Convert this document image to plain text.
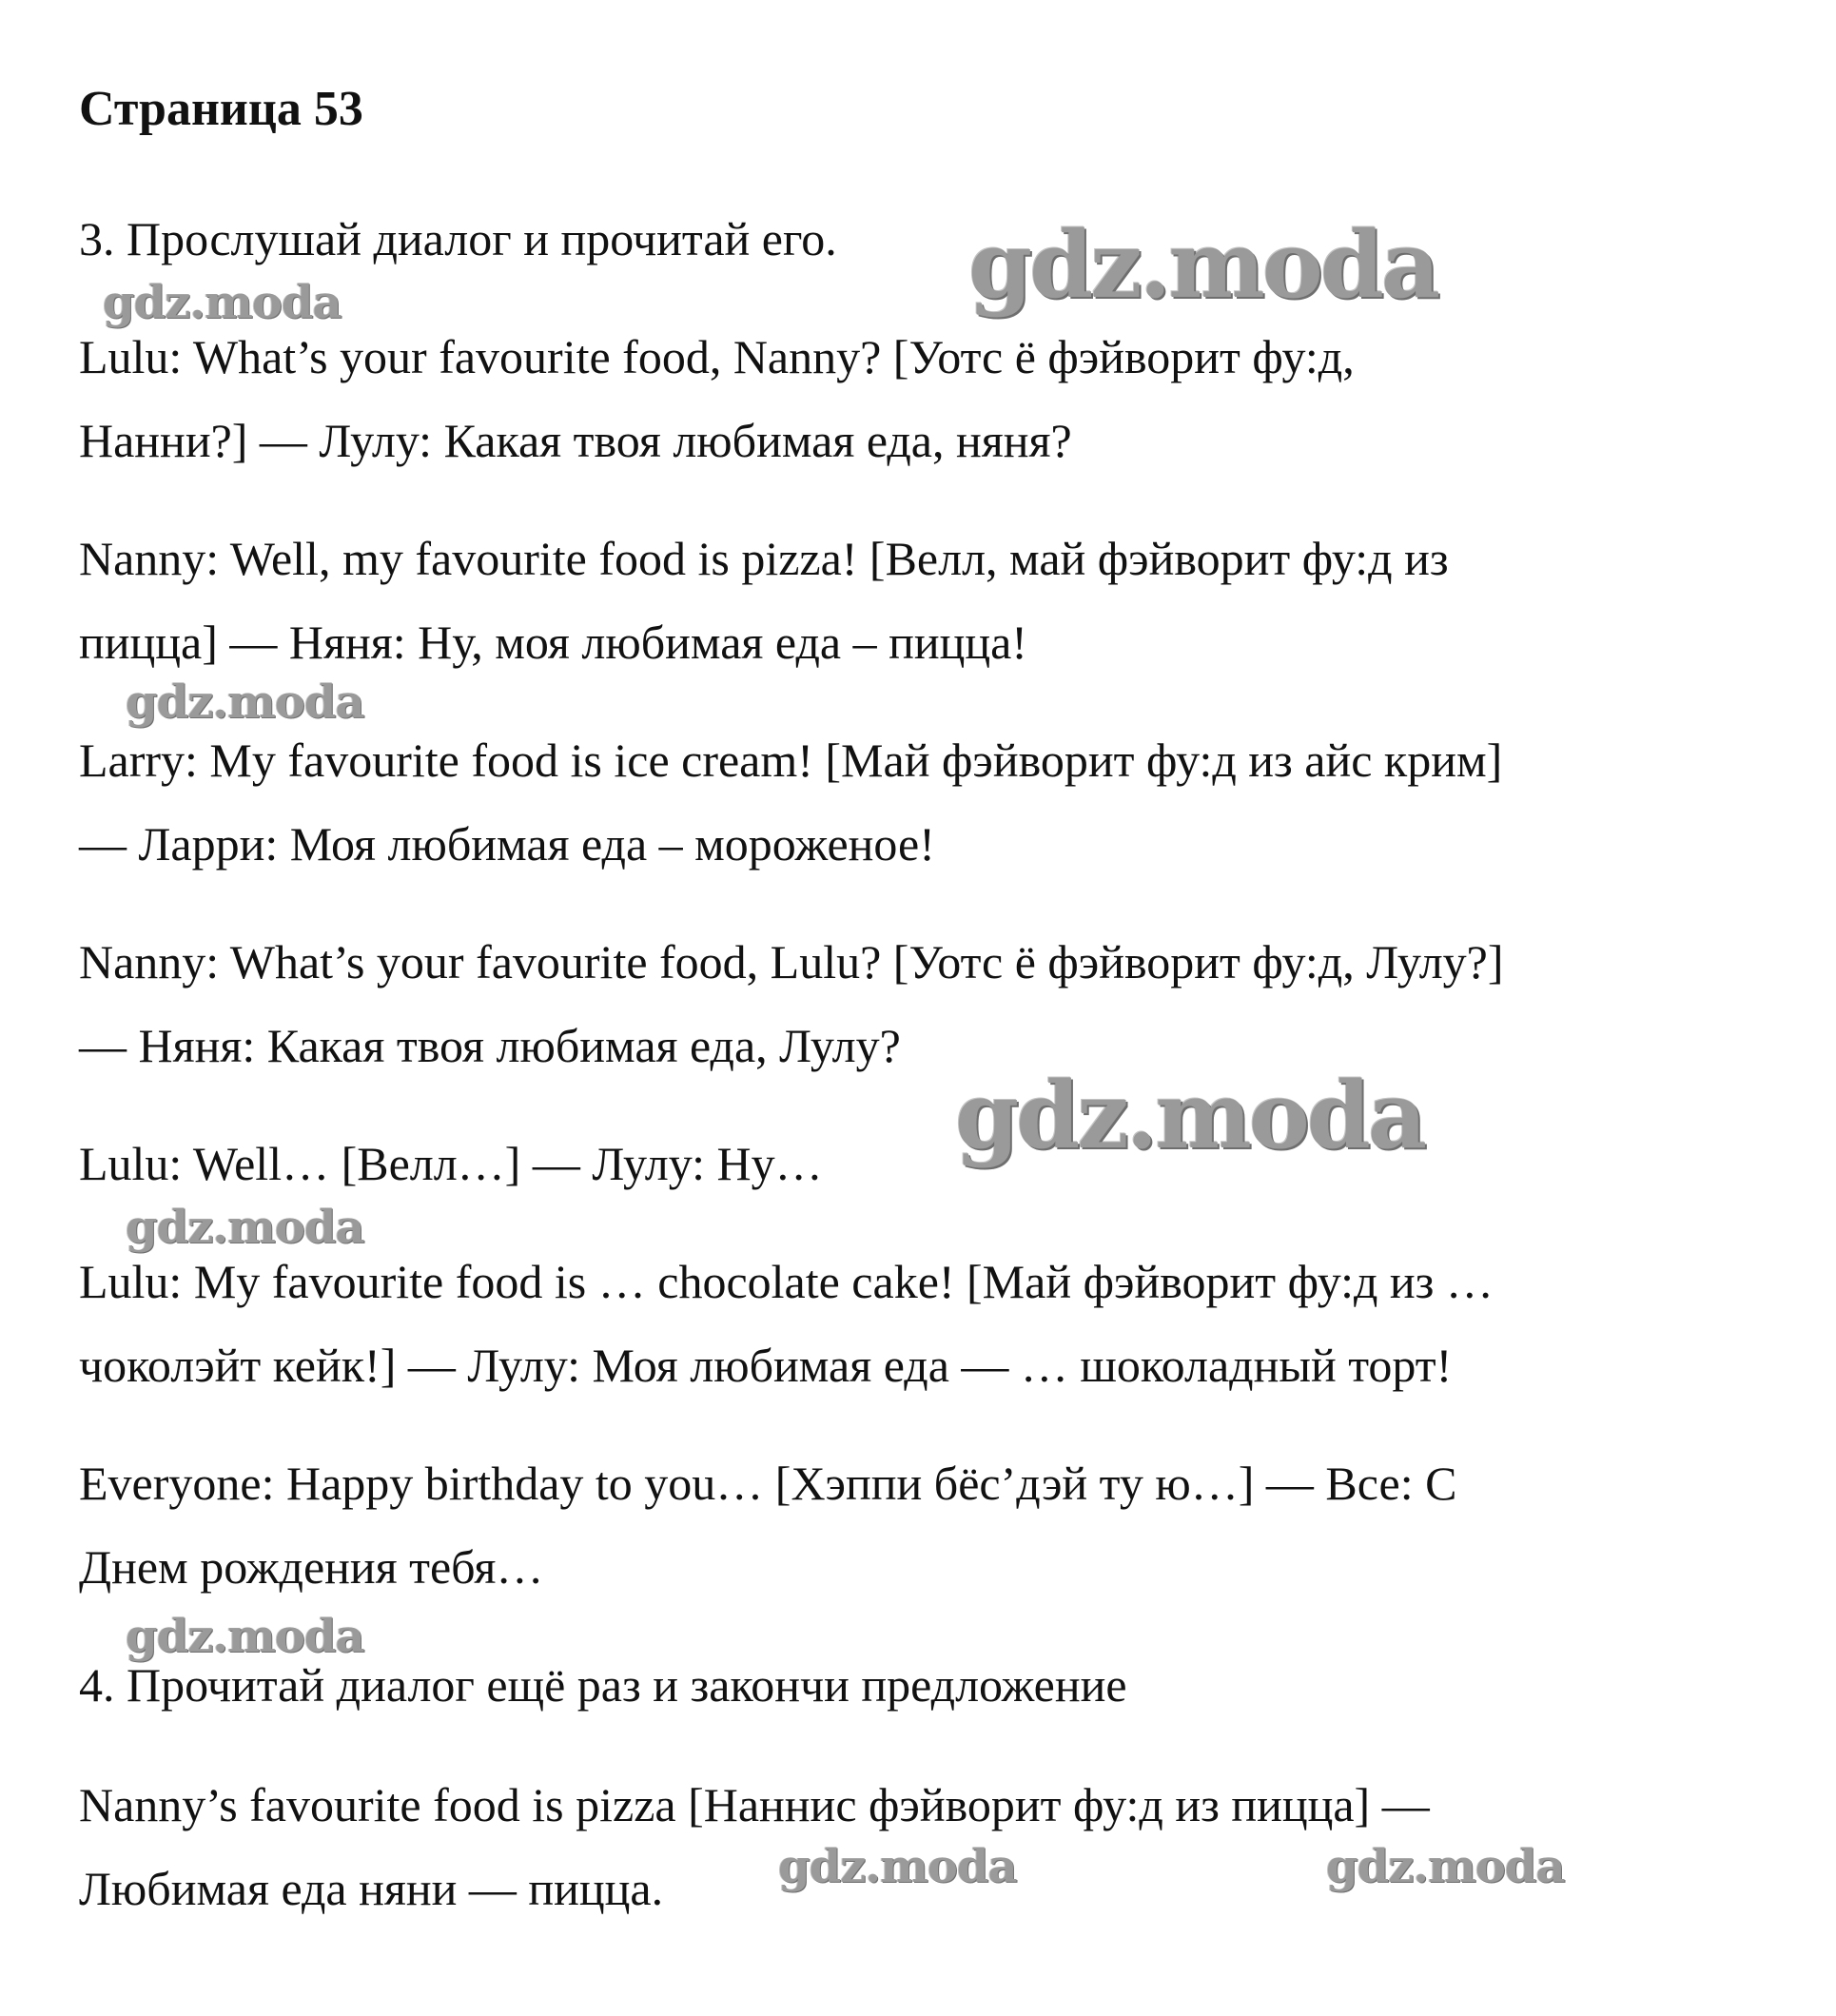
Страница 53
3. Прослушай диалог и прочитай его.
Lulu: What’s your favourite food, Nanny? [Уотс ё фэйворит фу:д,
Нанни?] — Лулу: Какая твоя любимая еда, няня?
Nanny: Well, my favourite food is pizza! [Велл, май фэйворит фу:д из
пицца] — Няня: Ну, моя любимая еда – пицца!
Larry: My favourite food is ice cream! [Май фэйворит фу:д из айс крим]
— Ларри: Моя любимая еда – мороженое!
Nanny: What’s your favourite food, Lulu? [Уотс ё фэйворит фу:д, Лулу?]
— Няня: Какая твоя любимая еда, Лулу?
Lulu: Well… [Велл…] — Лулу: Ну…
Lulu: My favourite food is … chocolate cake! [Май фэйворит фу:д из …
чоколэйт кейк!] — Лулу: Моя любимая еда — … шоколадный торт!
Everyone: Happy birthday to you… [Хэппи бёс’дэй ту ю…] — Все: С
Днем рождения тебя…
4. Прочитай диалог ещё раз и закончи предложение
Nanny’s favourite food is pizza [Наннис фэйворит фу:д из пицца] —
Любимая еда няни — пицца.
gdz.moda
gdz.moda
gdz.moda
gdz.moda
gdz.moda
gdz.moda
gdz.moda	gdz.moda
